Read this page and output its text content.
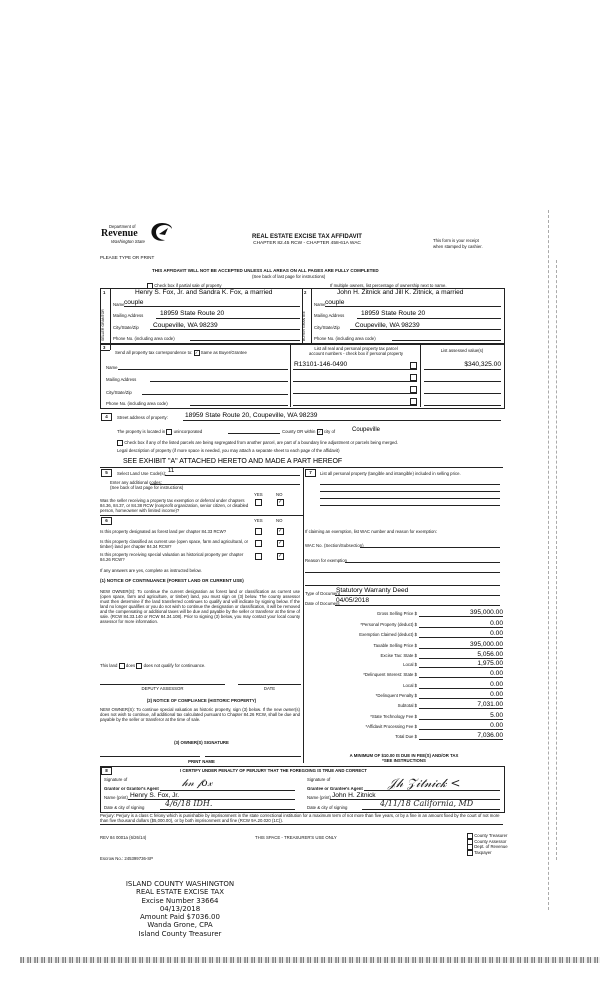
Department of
Revenue
Washington State
PLEASE TYPE OR PRINT
REAL ESTATE EXCISE TAX AFFIDAVIT
CHAPTER 82.45 RCW - CHAPTER 458-61A WAC
This form is your receipt
when stamped by cashier.
THIS AFFIDAVIT WILL NOT BE ACCEPTED UNLESS ALL AREAS ON ALL PAGES ARE FULLY COMPLETED
(See back of last page for instructions)
Check box if partial sale of property	If multiple owners, list percentage of ownership next to name.
1	2
SELLER GRANTOR	BUYER GRANTEE
Henry S. Fox, Jr. and Sandra K. Fox, a married
Name couple
Mailing Address	18959 State Route 20
City/State/Zip Coupeville, WA 98239
Phone No. (including area code)
John H. Zitnick and Jill K. Zitnick, a married
Name couple
Mailing Address	18959 State Route 20
City/State/Zip Coupeville, WA 98239
Phone No. (including area code)
3
Send all property tax correspondence to: ✓ Same as Buyer/Grantee
List all real and personal property tax parcel
account numbers - check box if personal property
List assessed value(s)
Name
Mailing Address
City/State/Zip
Phone No. (including area code)
R13101-146-0490	$340,325.00
4	Street address of property:	18959 State Route 20, Coupeville, WA 98239
The property is located in unincorporated	County OR within ✓ city of	Coupeville
Check box if any of the listed parcels are being segregated from another parcel, are part of a boundary line adjustment or parcels being merged.
Legal description of property (if more space is needed, you may attach a separate sheet to each page of the affidavit)
SEE EXHIBIT "A" ATTACHED HERETO AND MADE A PART HEREOF
5	Select Land Use Code(s): 11
Enter any additional codes:
(See back of last page for instructions)
YES	NO
Was the seller receiving a property tax exemption or deferral under chapters 84.36, 84.37, or 84.38 RCW (nonprofit organization, senior citizen, or disabled person, homeowner with limited income)?
✓
6	YES	NO
Is this property designated as forest land per chapter 84.33 RCW?	✓
Is this property classified as current use (open space, farm and agricultural, or timber) land per chapter 84.34 RCW?
✓
Is this property receiving special valuation as historical property per chapter 84.26 RCW?
✓
If any answers are yes, complete as instructed below.
(1) NOTICE OF CONTINUANCE (FOREST LAND OR CURRENT USE)
NEW OWNER(S): To continue the current designation as forest land or classification as current use (open space, farm and agriculture, or timber) land, you must sign on (3) below. The county assessor must then determine if the land transferred continues to qualify and will indicate by signing below. If the land no longer qualifies or you do not wish to continue the designation or classification, it will be removed and the compensating or additional taxes will be due and payable by the seller or transferor at the time of sale. (RCW 84.33.140 or RCW 84.34.108). Prior to signing (3) below, you may contact your local county assessor for more information.
This land does does not qualify for continuance.
DEPUTY ASSESSOR	DATE
(2) NOTICE OF COMPLIANCE (HISTORIC PROPERTY)
NEW OWNER(S): To continue special valuation as historic property, sign (3) below. If the new owner(s) does not wish to continue, all additional tax calculated pursuant to Chapter 84.26 RCW, shall be due and payable by the seller or transferor at the time of sale.
(3) OWNER(S) SIGNATURE
PRINT NAME
7	List all personal property (tangible and intangible) included in selling price.
If claiming an exemption, list WAC number and reason for exemption:
WAC No. (Section/Subsection)
Reason for exemption
Type of Document
Statutory Warranty Deed
Date of Document
04/05/2018
Gross Selling Price $	395,000.00
*Personal Property (deduct) $	0.00
Exemption Claimed (deduct) $	0.00
Taxable Selling Price $	395,000.00
Excise Tax: State $	5,056.00
Local $	1,975.00
*Delinquent Interest: State $	0.00
Local $	0.00
*Delinquent Penalty $	0.00
Subtotal $	7,031.00
*State Technology Fee $	5.00
*Affidavit Processing Fee $	0.00
Total Due $	7,036.00
A MINIMUM OF $10.00 IS DUE IN FEE(S) AND/OR TAX
*SEE INSTRUCTIONS
8	I CERTIFY UNDER PENALTY OF PERJURY THAT THE FOREGOING IS TRUE AND CORRECT
Signature of
Grantor or Grantor's Agent 𝒽𝓃 𝒻𝑜𝓍
Name (print) Henry S. Fox, Jr.
Date & city of signing	4/6/18 IDH.
Signature of
Grantee or Grantee's Agent 𝒥𝒽 𝒵𝒾𝓉𝓃𝒾𝒸𝓀 <
Name (print) John H. Zitnick
Date & city of signing	4/11/18 California, MD
Perjury: Perjury is a class C felony which is punishable by imprisonment in the state correctional institution for a maximum term of not more than five years, or by a fine in an amount fixed by the court of not more than five thousand dollars ($5,000.00), or by both imprisonment and fine (RCW 9A.20.020 (1C)).
REV 84 0001a (6/26/14)	THIS SPACE - TREASURER'S USE ONLY
Escrow No.: 245399736-SP
County Treasurer
County Assessor
Dept. of Revenue
Taxpayer
ISLAND COUNTY WASHINGTON
REAL ESTATE EXCISE TAX
Excise Number 33664
04/13/2018
Amount Paid $7036.00
Wanda Grone, CPA
Island County Treasurer
